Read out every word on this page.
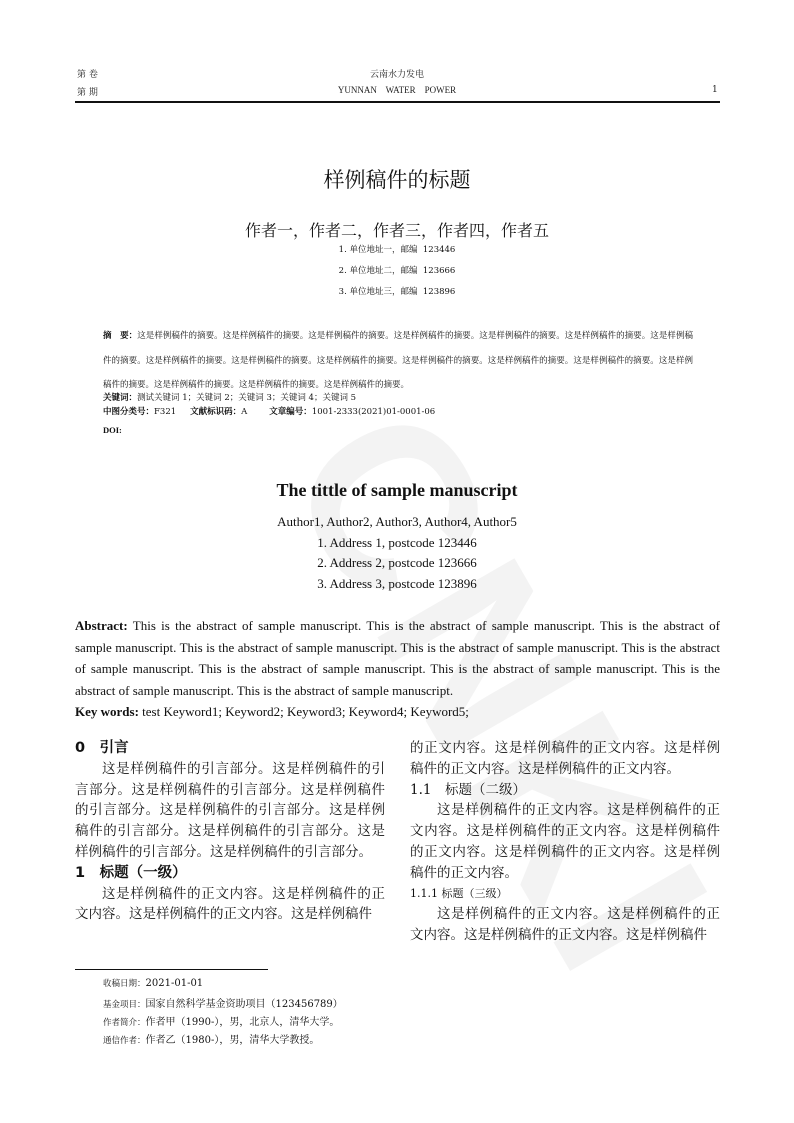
第 卷
第 期
云南水力发电
YUNNAN    WATER    POWER	1
样例稿件的标题
作者一，作者二，作者三，作者四，作者五
1. 单位地址一，邮编  123446
2. 单位地址二，邮编  123666
3. 单位地址三，邮编  123896
摘　要：这是样例稿件的摘要。这是样例稿件的摘要。这是样例稿件的摘要。这是样例稿件的摘要。这是样例稿件的摘要。这是样例稿件的摘要。这是样例稿件的摘要。这是样例稿件的摘要。这是样例稿件的摘要。这是样例稿件的摘要。这是样例稿件的摘要。这是样例稿件的摘要。这是样例稿件的摘要。这是样例稿件的摘要。这是样例稿件的摘要。这是样例稿件的摘要。这是样例稿件的摘要。
关键词：测试关键词 1；关键词 2；关键词 3；关键词 4；关键词 5
中图分类号：F321 文献标识码：A	文章编号：1001-2333(2021)01-0001-06
DOI:
The tittle of sample manuscript
Author1, Author2, Author3, Author4, Author5
1. Address 1, postcode 123446
2. Address 2, postcode 123666
3. Address 3, postcode 123896
Abstract: This is the abstract of sample manuscript. This is the abstract of sample manuscript. This is the abstract of sample manuscript. This is the abstract of sample manuscript. This is the abstract of sample manuscript. This is the abstract of sample manuscript. This is the abstract of sample manuscript. This is the abstract of sample manuscript. This is the abstract of sample manuscript. This is the abstract of sample manuscript.
Key words: test Keyword1; Keyword2; Keyword3; Keyword4; Keyword5;
0　引言

这是样例稿件的引言部分。这是样例稿件的引言部分。这是样例稿件的引言部分。这是样例稿件的引言部分。这是样例稿件的引言部分。这是样例稿件的引言部分。这是样例稿件的引言部分。这是样例稿件的引言部分。这是样例稿件的引言部分。

1　标题（一级）

这是样例稿件的正文内容。这是样例稿件的正文内容。这是样例稿件的正文内容。这是样例稿件

的正文内容。这是样例稿件的正文内容。这是样例稿件的正文内容。这是样例稿件的正文内容。

1.1　标题（二级）

这是样例稿件的正文内容。这是样例稿件的正文内容。这是样例稿件的正文内容。这是样例稿件的正文内容。这是样例稿件的正文内容。这是样例稿件的正文内容。

1.1.1 标题（三级）

这是样例稿件的正文内容。这是样例稿件的正文内容。这是样例稿件的正文内容。这是样例稿件

收稿日期：2021-01-01
基金项目：国家自然科学基金资助项目（123456789）
作者简介：作者甲（1990-），男，北京人，清华大学。
通信作者：作者乙（1980-），男，清华大学教授。
